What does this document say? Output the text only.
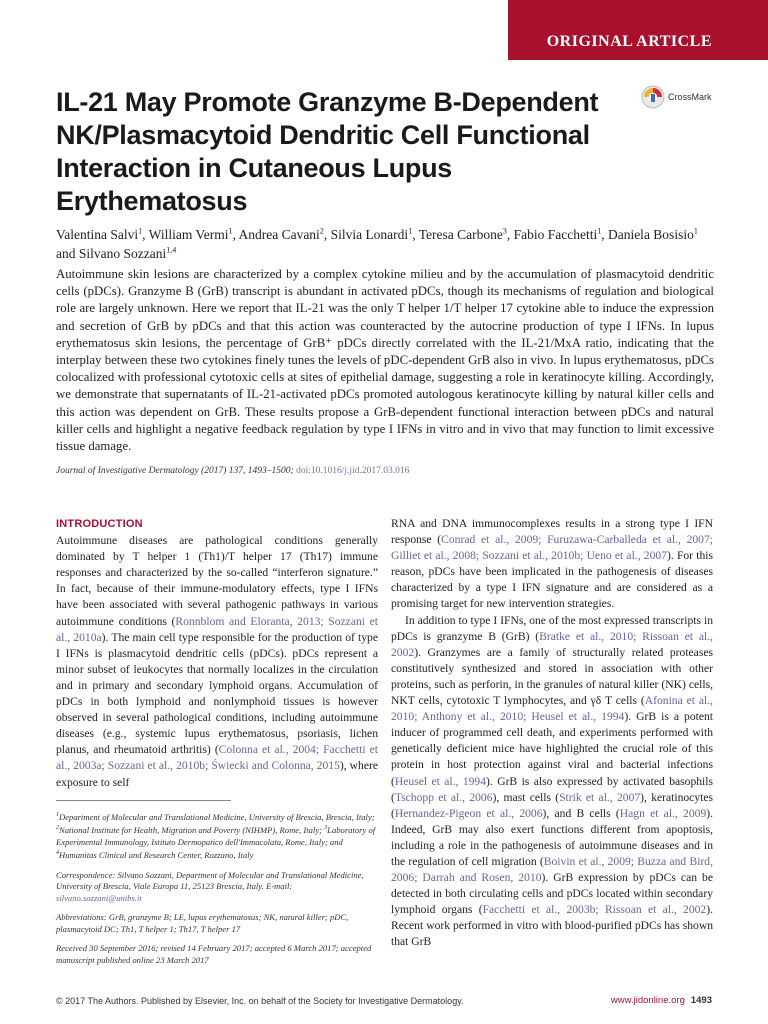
ORIGINAL ARTICLE
IL-21 May Promote Granzyme B-Dependent NK/Plasmacytoid Dendritic Cell Functional Interaction in Cutaneous Lupus Erythematosus
CrossMark
Valentina Salvi$^1$, William Vermi$^1$, Andrea Cavani$^2$, Silvia Lonardi$^1$, Teresa Carbone$^3$, Fabio Facchetti$^1$, Daniela Bosisio$^1$ and Silvano Sozzani$^{1,4}$

Autoimmune skin lesions are characterized by a complex cytokine milieu and by the accumulation of plasmacytoid dendritic cells (pDCs). Granzyme B (GrB) transcript is abundant in activated pDCs, though its mechanisms of regulation and biological role are largely unknown. Here we report that IL-21 was the only T helper 1/T helper 17 cytokine able to induce the expression and secretion of GrB by pDCs and that this action was counteracted by the autocrine production of type I IFNs. In lupus erythematosus skin lesions, the percentage of GrB⁺ pDCs directly correlated with the IL-21/MxA ratio, indicating that the interplay between these two cytokines finely tunes the levels of pDC-dependent GrB also in vivo. In lupus erythematosus, pDCs colocalized with professional cytotoxic cells at sites of epithelial damage, suggesting a role in keratinocyte killing. Accordingly, we demonstrate that supernatants of IL-21-activated pDCs promoted autologous keratinocyte killing by natural killer cells and this action was dependent on GrB. These results propose a GrB-dependent functional interaction between pDCs and natural killer cells and highlight a negative feedback regulation by type I IFNs in vitro and in vivo that may function to limit excessive tissue damage.

Journal of Investigative Dermatology (2017) 137, 1493–1500; doi:10.1016/j.jid.2017.03.016

INTRODUCTION

Autoimmune diseases are pathological conditions generally dominated by T helper 1 (Th1)/T helper 17 (Th17) immune responses and characterized by the so-called “interferon signature.” In fact, because of their immune-modulatory effects, type I IFNs have been associated with several pathogenic pathways in various autoimmune conditions (Ronnblom and Eloranta, 2013; Sozzani et al., 2010a). The main cell type responsible for the production of type I IFNs is plasmacytoid dendritic cells (pDCs). pDCs represent a minor subset of leukocytes that normally localizes in the circulation and in primary and secondary lymphoid organs. Accumulation of pDCs in both lymphoid and nonlymphoid tissues is however observed in several pathological conditions, including autoimmune diseases (e.g., systemic lupus erythematosus, psoriasis, lichen planus, and rheumatoid arthritis) (Colonna et al., 2004; Facchetti et al., 2003a; Sozzani et al., 2010b; Świecki and Colonna, 2015), where exposure to self

RNA and DNA immunocomplexes results in a strong type I IFN response (Conrad et al., 2009; Furuzawa-Carballeda et al., 2007; Gilliet et al., 2008; Sozzani et al., 2010b; Ueno et al., 2007). For this reason, pDCs have been implicated in the pathogenesis of diseases characterized by a type I IFN signature and are considered as a promising target for new intervention strategies.

In addition to type I IFNs, one of the most expressed transcripts in pDCs is granzyme B (GrB) (Bratke et al., 2010; Rissoan et al., 2002). Granzymes are a family of structurally related proteases constitutively synthesized and stored in association with other proteins, such as perforin, in the granules of natural killer (NK) cells, NKT cells, cytotoxic T lymphocytes, and γδ T cells (Afonina et al., 2010; Anthony et al., 2010; Heusel et al., 1994). GrB is a potent inducer of programmed cell death, and experiments performed with genetically deficient mice have highlighted the crucial role of this protein in host protection against viral and bacterial infections (Heusel et al., 1994). GrB is also expressed by activated basophils (Tschopp et al., 2006), mast cells (Strik et al., 2007), keratinocytes (Hernandez-Pigeon et al., 2006), and B cells (Hagn et al., 2009). Indeed, GrB may also exert functions different from apoptosis, including a role in the pathogenesis of autoimmune diseases and in the regulation of cell migration (Boivin et al., 2009; Buzza and Bird, 2006; Darrah and Rosen, 2010). GrB expression by pDCs can be detected in both circulating cells and pDCs located within secondary lymphoid organs (Facchetti et al., 2003b; Rissoan et al., 2002). Recent work performed in vitro with blood-purified pDCs has shown that GrB

$^1$Department of Molecular and Translational Medicine, University of Brescia, Brescia, Italy; $^2$National Institute for Health, Migration and Poverty (NIHMP), Rome, Italy; $^3$Laboratory of Experimental Immunology, Istituto Dermopatico dell'Immacolata, Rome, Italy; and $^4$Humanitas Clinical and Research Center, Rozzano, Italy

Correspondence: Silvano Sozzani, Department of Molecular and Translational Medicine, University of Brescia, Viale Europa 11, 25123 Brescia, Italy. E-mail: silvano.sozzani@unibs.it

Abbreviations: GrB, granzyme B; LE, lupus erythematosus; NK, natural killer; pDC, plasmacytoid DC; Th1, T helper 1; Th17, T helper 17

Received 30 September 2016; revised 14 February 2017; accepted 6 March 2017; accepted manuscript published online 23 March 2017

© 2017 The Authors. Published by Elsevier, Inc. on behalf of the Society for Investigative Dermatology.	www.jidonline.org 1493
